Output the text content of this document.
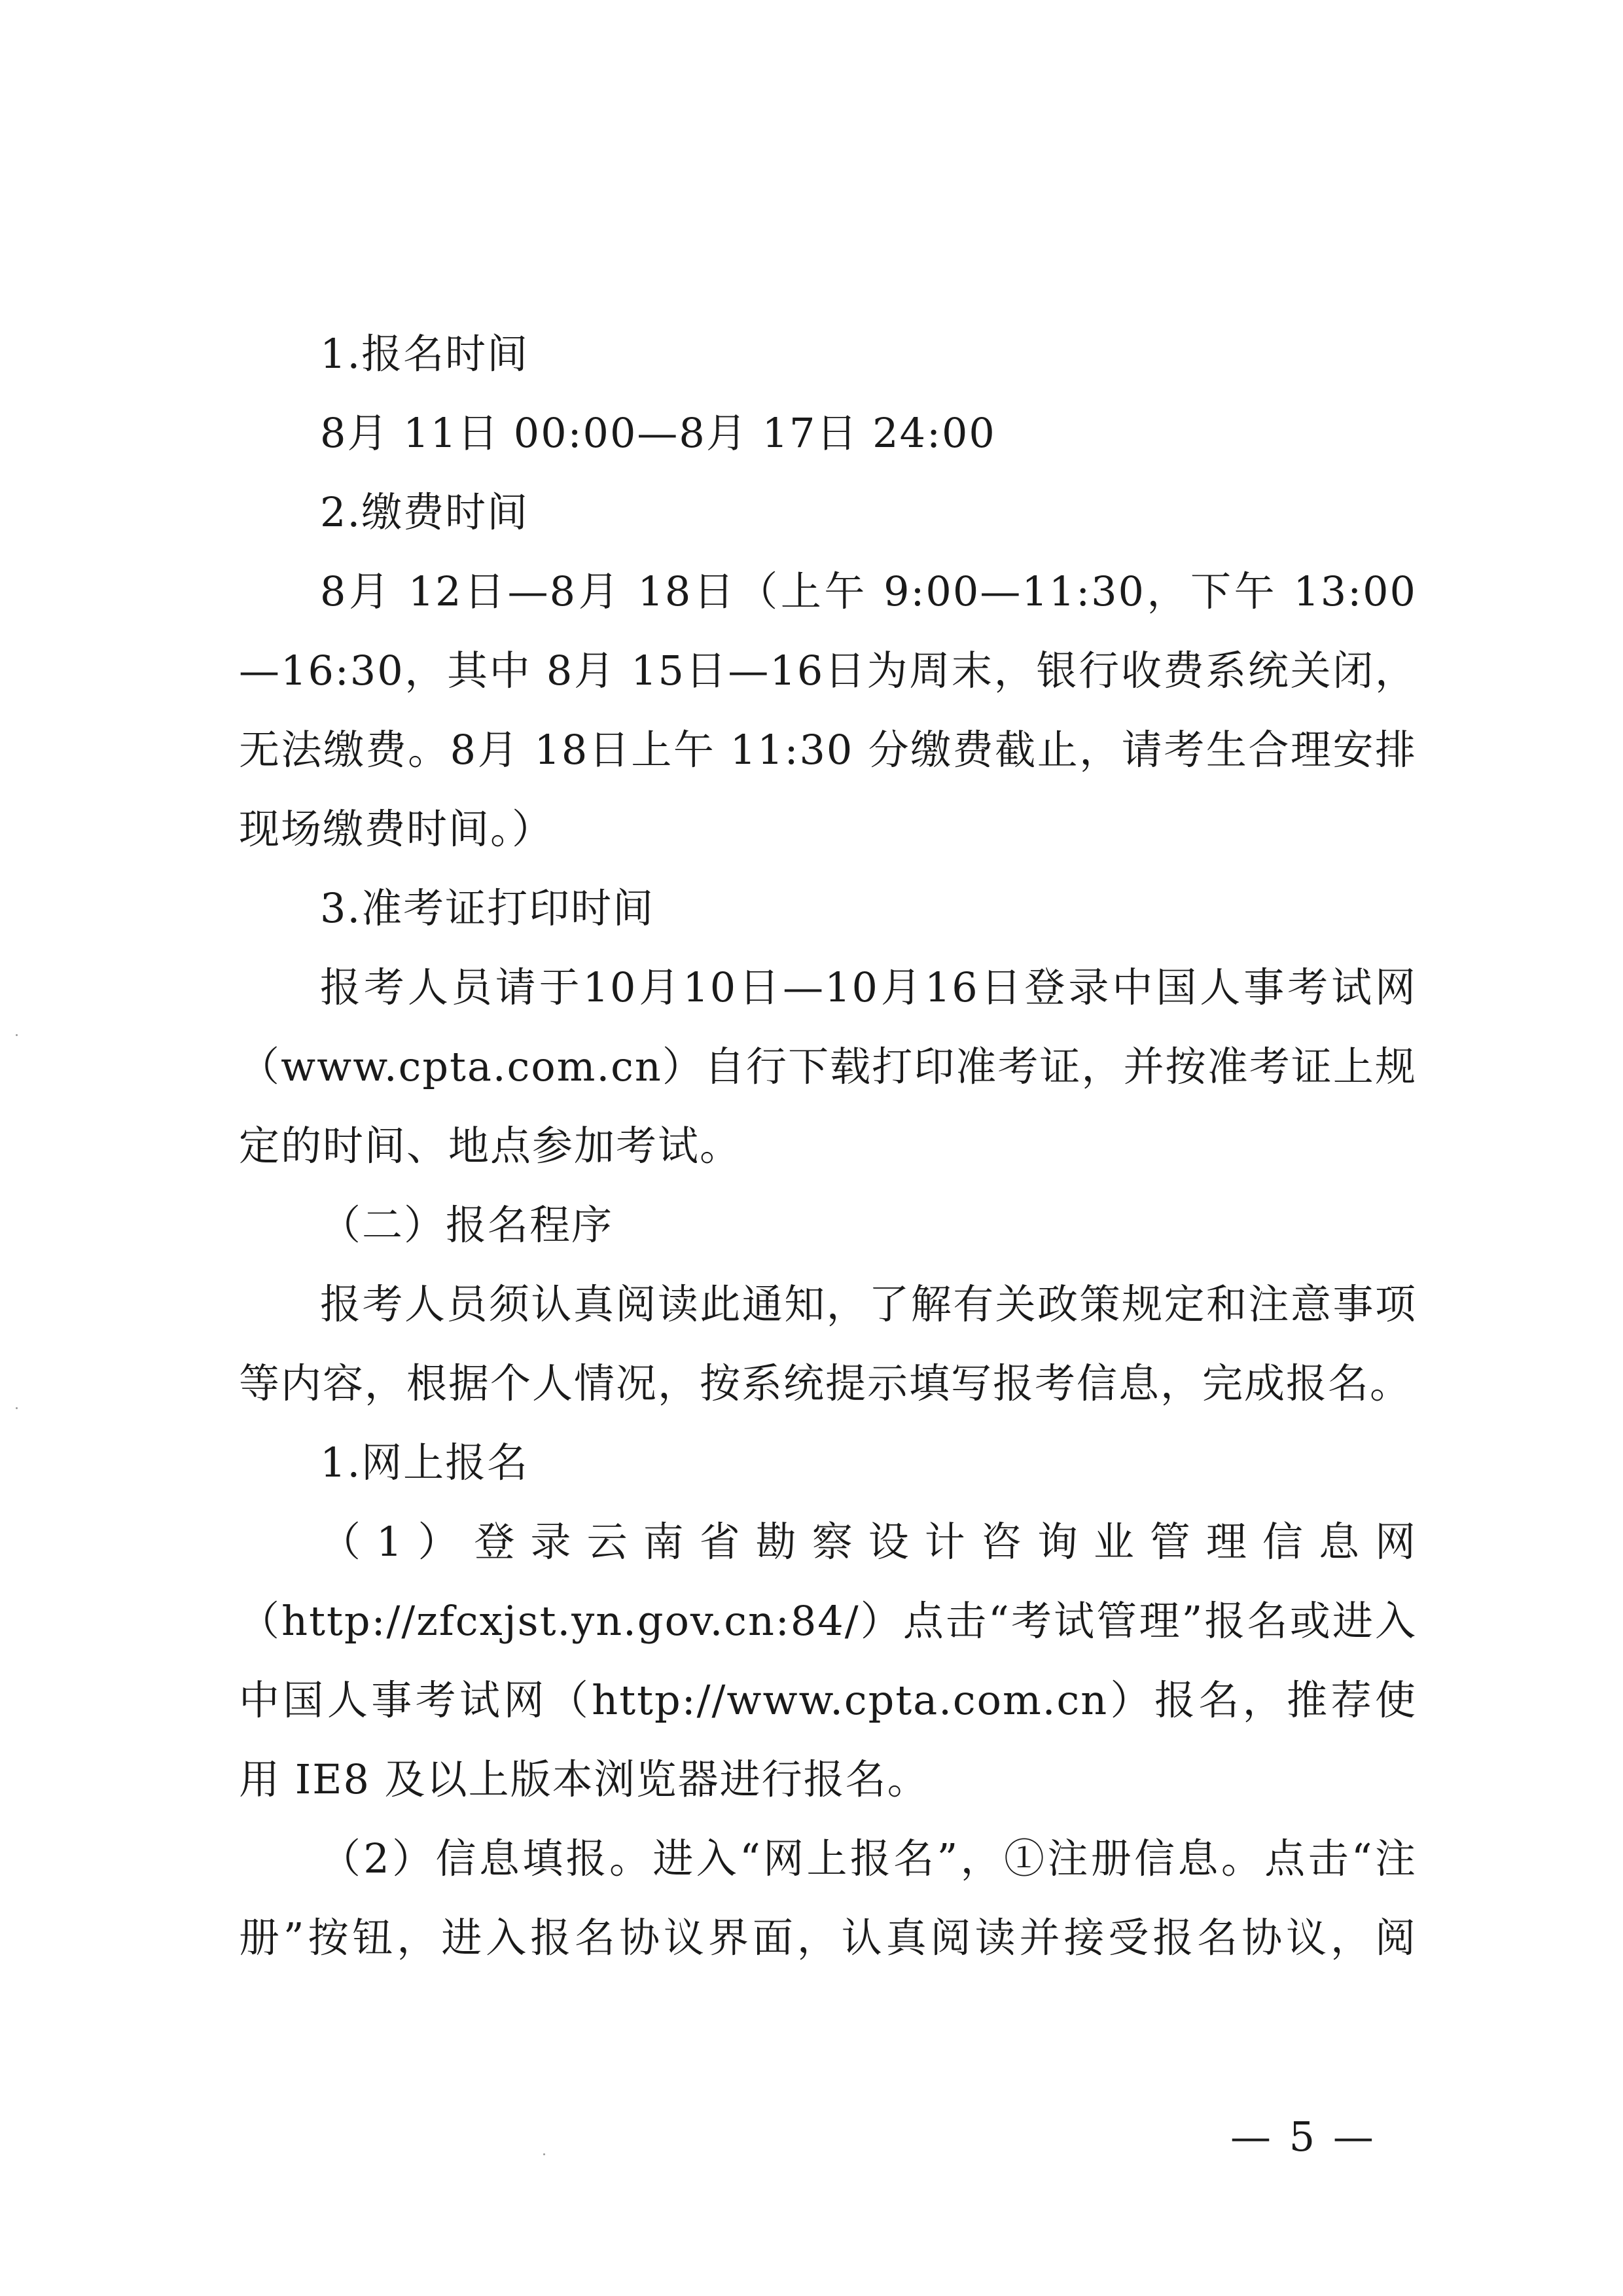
1.报名时间

8月 11日 00:00—8月 17日 24:00

2.缴费时间

8月 12日—8月 18日（上午 9:00—11:30，下午 13:00—16:30，其中 8月 15日—16日为周末，银行收费系统关闭，无法缴费。8月 18日上午 11:30 分缴费截止，请考生合理安排现场缴费时间。）

3.准考证打印时间

报考人员请于10月10日—10月16日登录中国人事考试网（www.cpta.com.cn）自行下载打印准考证，并按准考证上规定的时间、地点参加考试。

（二）报名程序

报考人员须认真阅读此通知，了解有关政策规定和注意事项等内容，根据个人情况，按系统提示填写报考信息，完成报名。

1.网上报名

（1）登录云南省勘察设计咨询业管理信息网（http://zfcxjst.yn.gov.cn:84/）点击“考试管理”报名或进入中国人事考试网（http://www.cpta.com.cn）报名，推荐使用 IE8 及以上版本浏览器进行报名。

（2）信息填报。进入“网上报名”，①注册信息。点击“注册”按钮，进入报名协议界面，认真阅读并接受报名协议，阅

— 5 —
